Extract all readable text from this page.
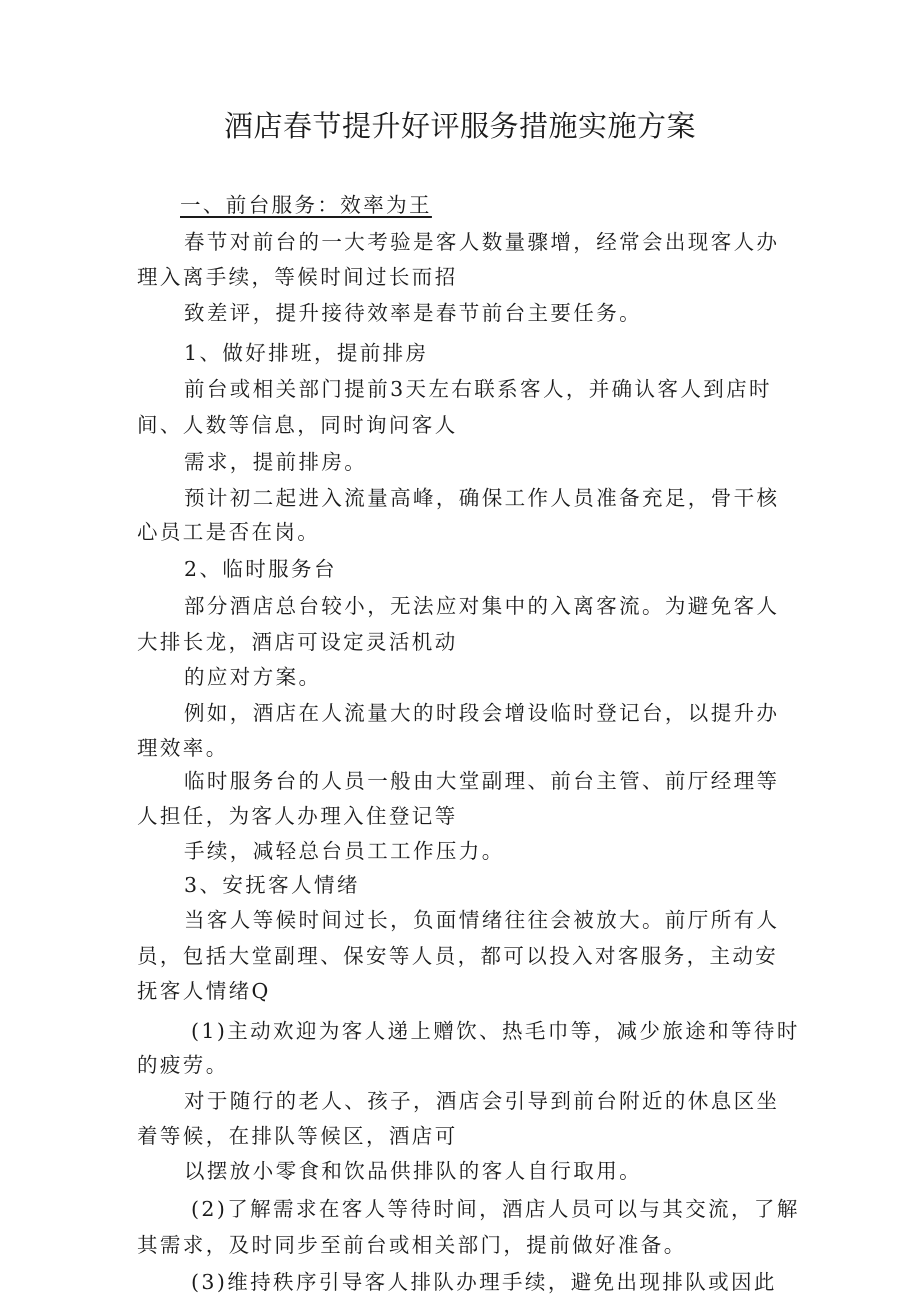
酒店春节提升好评服务措施实施方案
一、前台服务：效率为王
春节对前台的一大考验是客人数量骤增，经常会出现客人办
理入离手续，等候时间过长而招
致差评，提升接待效率是春节前台主要任务。
1、做好排班，提前排房
前台或相关部门提前3天左右联系客人，并确认客人到店时
间、人数等信息，同时询问客人
需求，提前排房。
预计初二起进入流量高峰，确保工作人员准备充足，骨干核
心员工是否在岗。
2、临时服务台
部分酒店总台较小，无法应对集中的入离客流。为避免客人
大排长龙，酒店可设定灵活机动
的应对方案。
例如，酒店在人流量大的时段会增设临时登记台，以提升办
理效率。
临时服务台的人员一般由大堂副理、前台主管、前厅经理等
人担任，为客人办理入住登记等
手续，减轻总台员工工作压力。
3、安抚客人情绪
当客人等候时间过长，负面情绪往往会被放大。前厅所有人
员，包括大堂副理、保安等人员，都可以投入对客服务，主动安
抚客人情绪Q
(1)主动欢迎为客人递上赠饮、热毛巾等，减少旅途和等待时
的疲劳。
对于随行的老人、孩子，酒店会引导到前台附近的休息区坐
着等候，在排队等候区，酒店可
以摆放小零食和饮品供排队的客人自行取用。
(2)了解需求在客人等待时间，酒店人员可以与其交流，了解
其需求，及时同步至前台或相关部门，提前做好准备。
(3)维持秩序引导客人排队办理手续，避免出现排队或因此
